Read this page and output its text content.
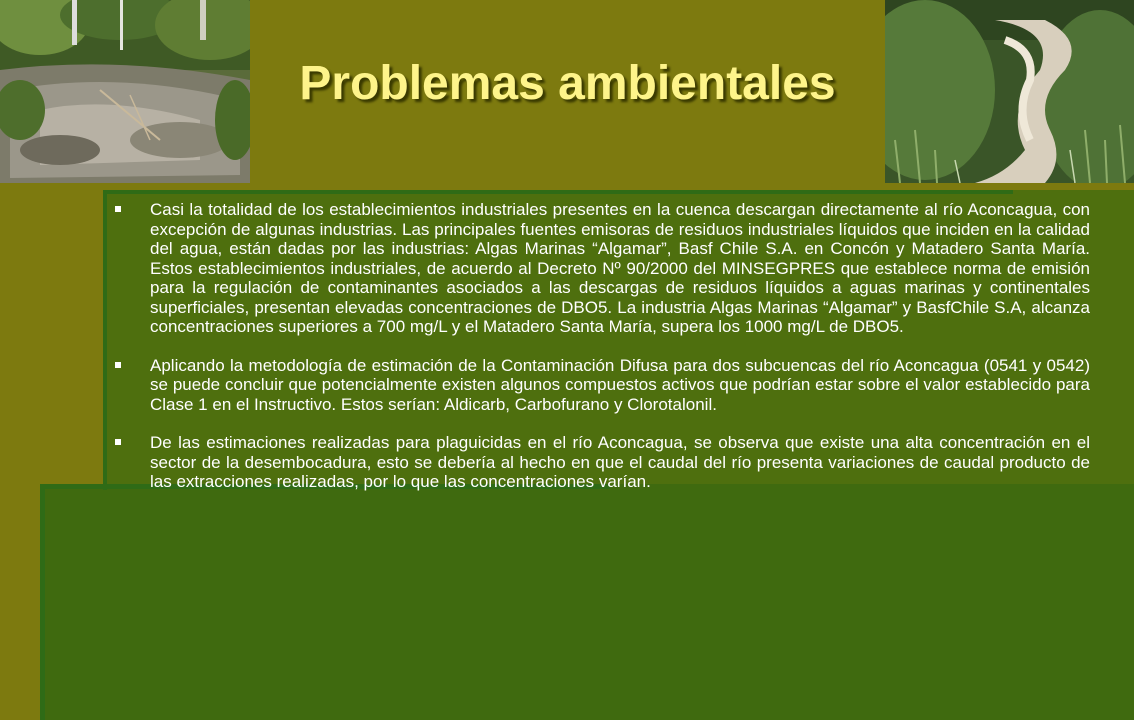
Problemas ambientales
Casi la totalidad de los establecimientos industriales presentes en la cuenca descargan directamente al río Aconcagua, con excepción de algunas industrias. Las principales fuentes emisoras de residuos industriales líquidos que inciden en la calidad del agua, están dadas por las industrias: Algas Marinas “Algamar”, Basf Chile S.A. en Concón y Matadero Santa María. Estos establecimientos industriales, de acuerdo al Decreto Nº 90/2000 del MINSEGPRES que establece norma de emisión para la regulación de contaminantes asociados a las descargas de residuos líquidos a aguas marinas y continentales superficiales, presentan elevadas concentraciones de DBO5. La industria Algas Marinas “Algamar” y BasfChile S.A, alcanza concentraciones superiores a 700 mg/L y el Matadero Santa María, supera los 1000 mg/L de DBO5.
Aplicando la metodología de estimación de la Contaminación Difusa para dos subcuencas del río Aconcagua (0541 y 0542) se puede concluir que potencialmente existen algunos compuestos activos que podrían estar sobre el valor establecido para Clase 1 en el Instructivo. Estos serían: Aldicarb, Carbofurano y Clorotalonil.
De las estimaciones realizadas para plaguicidas en el río Aconcagua, se observa que existe una alta concentración en el sector de la desembocadura, esto se debería al hecho en que el caudal del río presenta variaciones de caudal producto de las extracciones realizadas, por lo que las concentraciones varían.
